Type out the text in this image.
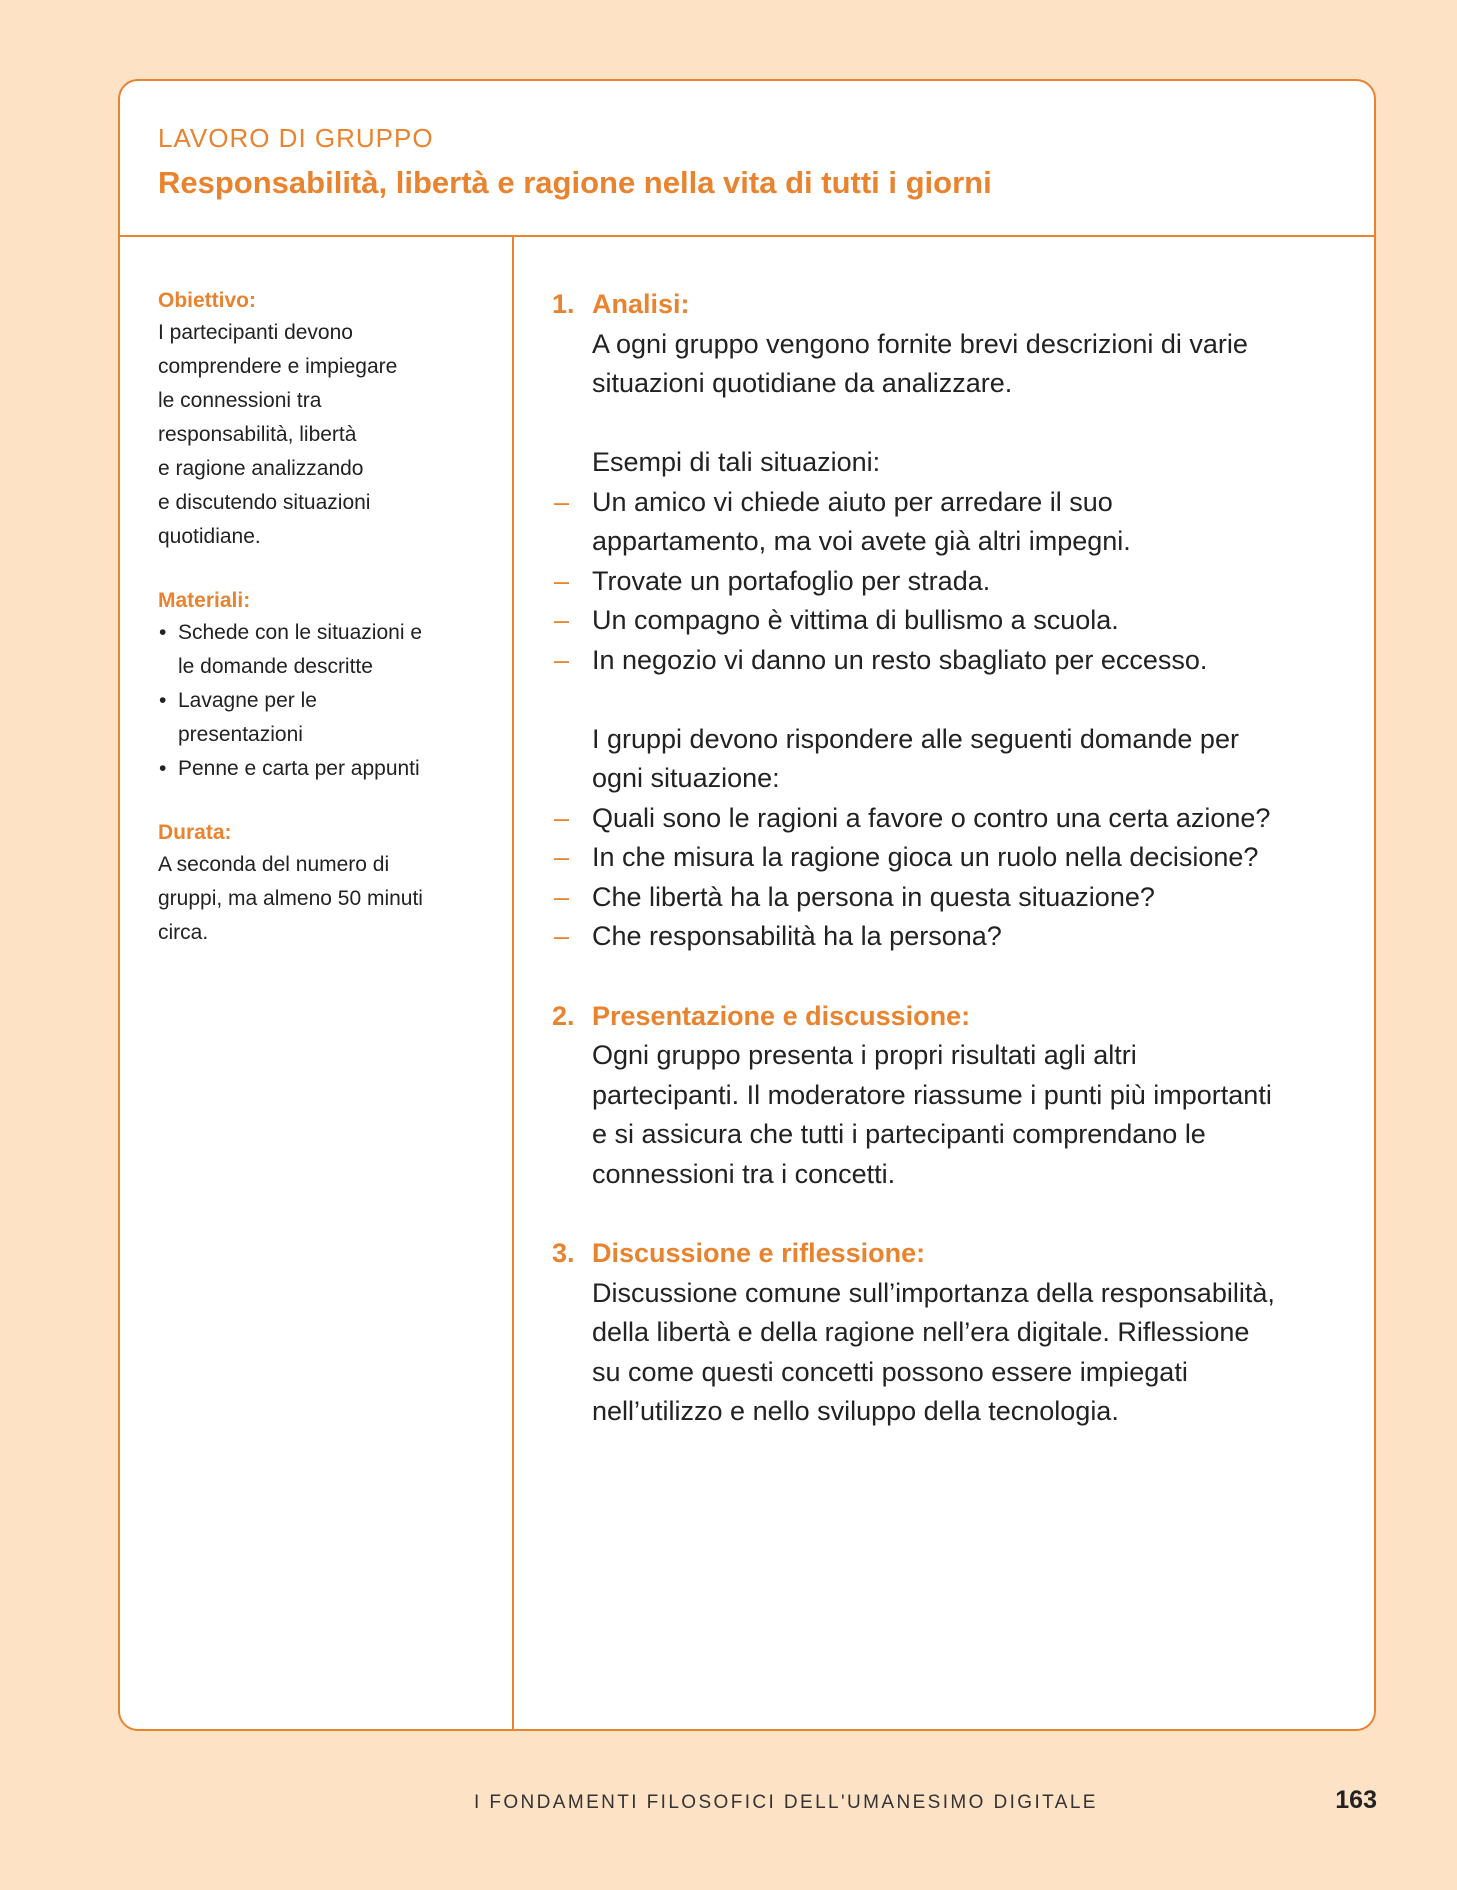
LAVORO DI GRUPPO
Responsabilità, libertà e ragione nella vita di tutti i giorni
Obiettivo:
I partecipanti devono
comprendere e impiegare
le connessioni tra
responsabilità, libertà
e ragione analizzando
e discutendo situazioni
quotidiane.
Materiali:
• Schede con le situazioni e
le domande descritte
• Lavagne per le
presentazioni
• Penne e carta per appunti
Durata:
A seconda del numero di
gruppi, ma almeno 50 minuti
circa.
1. Analisi:
A ogni gruppo vengono fornite brevi descrizioni di varie
situazioni quotidiane da analizzare.
Esempi di tali situazioni:
– Un amico vi chiede aiuto per arredare il suo
appartamento, ma voi avete già altri impegni.
– Trovate un portafoglio per strada.
– Un compagno è vittima di bullismo a scuola.
– In negozio vi danno un resto sbagliato per eccesso.
I gruppi devono rispondere alle seguenti domande per
ogni situazione:
– Quali sono le ragioni a favore o contro una certa azione?
– In che misura la ragione gioca un ruolo nella decisione?
– Che libertà ha la persona in questa situazione?
– Che responsabilità ha la persona?
2. Presentazione e discussione:
Ogni gruppo presenta i propri risultati agli altri
partecipanti. Il moderatore riassume i punti più importanti
e si assicura che tutti i partecipanti comprendano le
connessioni tra i concetti.
3. Discussione e riflessione:
Discussione comune sull’importanza della responsabilità,
della libertà e della ragione nell’era digitale. Riflessione
su come questi concetti possono essere impiegati
nell’utilizzo e nello sviluppo della tecnologia.
I FONDAMENTI FILOSOFICI DELL'UMANESIMO DIGITALE	163
